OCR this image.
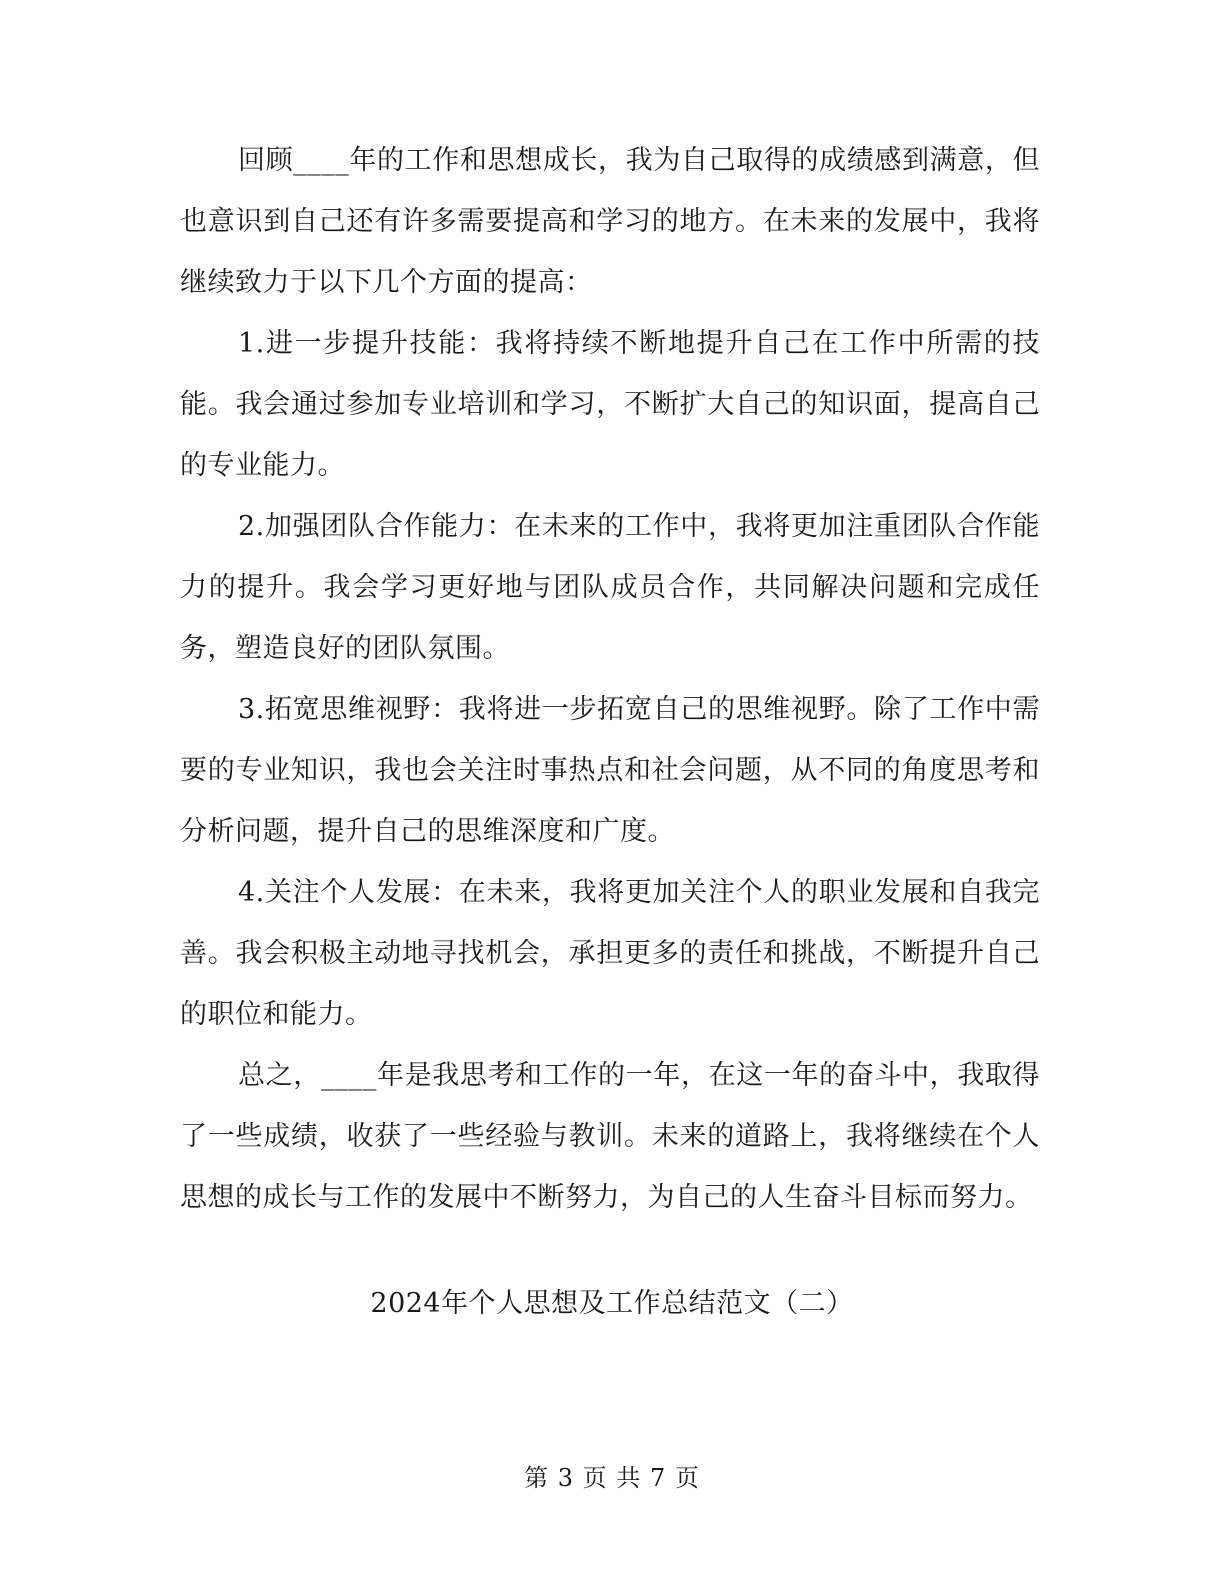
回顾____年的工作和思想成长，我为自己取得的成绩感到满意，但也意识到自己还有许多需要提高和学习的地方。在未来的发展中，我将继续致力于以下几个方面的提高：

1.进一步提升技能：我将持续不断地提升自己在工作中所需的技能。我会通过参加专业培训和学习，不断扩大自己的知识面，提高自己的专业能力。

2.加强团队合作能力：在未来的工作中，我将更加注重团队合作能力的提升。我会学习更好地与团队成员合作，共同解决问题和完成任务，塑造良好的团队氛围。

3.拓宽思维视野：我将进一步拓宽自己的思维视野。除了工作中需要的专业知识，我也会关注时事热点和社会问题，从不同的角度思考和分析问题，提升自己的思维深度和广度。

4.关注个人发展：在未来，我将更加关注个人的职业发展和自我完善。我会积极主动地寻找机会，承担更多的责任和挑战，不断提升自己的职位和能力。

总之，____年是我思考和工作的一年，在这一年的奋斗中，我取得了一些成绩，收获了一些经验与教训。未来的道路上，我将继续在个人思想的成长与工作的发展中不断努力，为自己的人生奋斗目标而努力。

2024年个人思想及工作总结范文（二）

第 3 页 共 7 页
